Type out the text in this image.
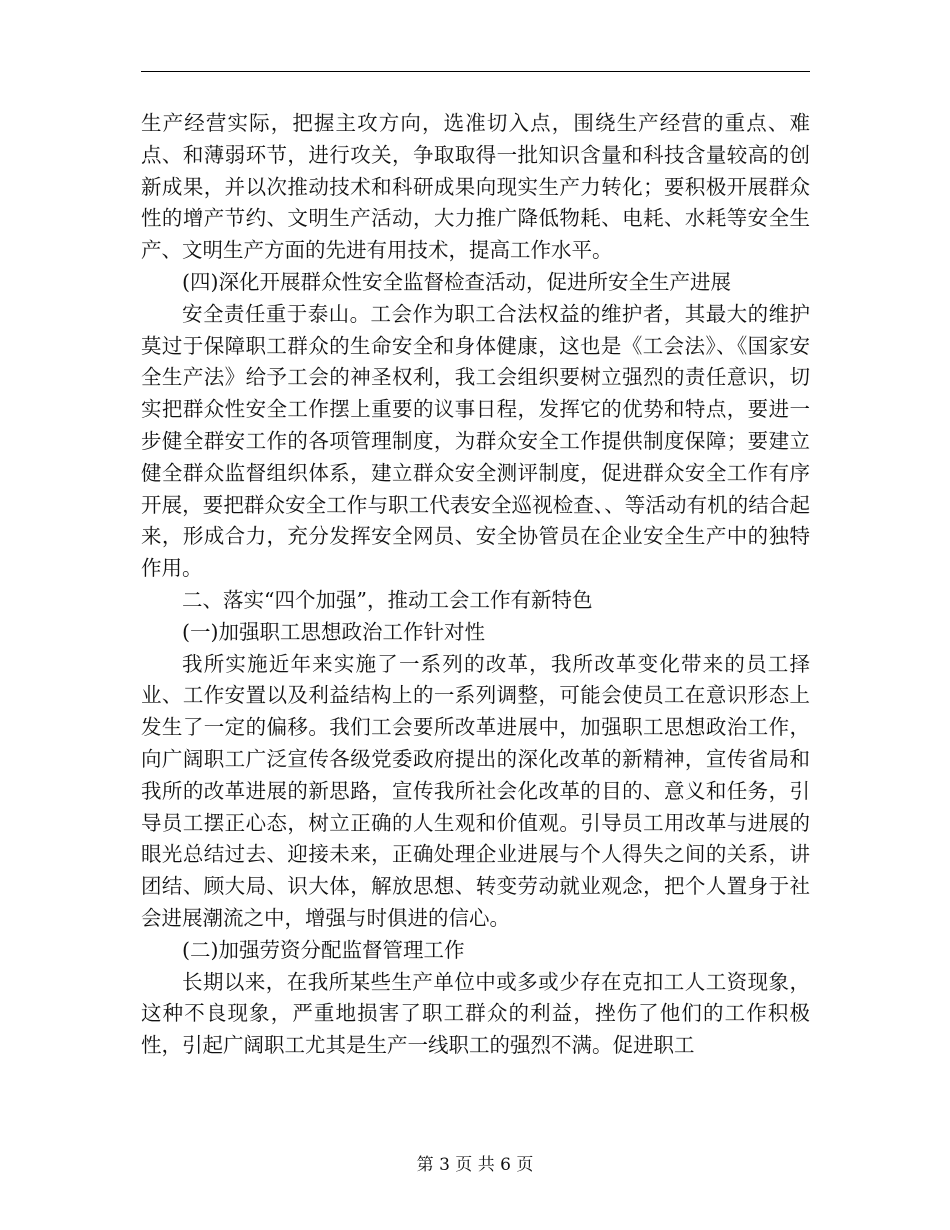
生产经营实际，把握主攻方向，选准切入点，围绕生产经营的重点、难点、和薄弱环节，进行攻关，争取取得一批知识含量和科技含量较高的创新成果，并以次推动技术和科研成果向现实生产力转化；要积极开展群众性的增产节约、文明生产活动，大力推广降低物耗、电耗、水耗等安全生产、文明生产方面的先进有用技术，提高工作水平。

(四)深化开展群众性安全监督检查活动，促进所安全生产进展

安全责任重于泰山。工会作为职工合法权益的维护者，其最大的维护莫过于保障职工群众的生命安全和身体健康，这也是《工会法》、《国家安全生产法》给予工会的神圣权利，我工会组织要树立强烈的责任意识，切实把群众性安全工作摆上重要的议事日程，发挥它的优势和特点，要进一步健全群安工作的各项管理制度，为群众安全工作提供制度保障；要建立健全群众监督组织体系，建立群众安全测评制度，促进群众安全工作有序开展，要把群众安全工作与职工代表安全巡视检查、、等活动有机的结合起来，形成合力，充分发挥安全网员、安全协管员在企业安全生产中的独特作用。

二、落实“四个加强”，推动工会工作有新特色

(一)加强职工思想政治工作针对性

我所实施近年来实施了一系列的改革，我所改革变化带来的员工择业、工作安置以及利益结构上的一系列调整，可能会使员工在意识形态上发生了一定的偏移。我们工会要所改革进展中，加强职工思想政治工作，向广阔职工广泛宣传各级党委政府提出的深化改革的新精神，宣传省局和我所的改革进展的新思路，宣传我所社会化改革的目的、意义和任务，引导员工摆正心态，树立正确的人生观和价值观。引导员工用改革与进展的眼光总结过去、迎接未来，正确处理企业进展与个人得失之间的关系，讲团结、顾大局、识大体，解放思想、转变劳动就业观念，把个人置身于社会进展潮流之中，增强与时俱进的信心。

(二)加强劳资分配监督管理工作

长期以来，在我所某些生产单位中或多或少存在克扣工人工资现象，这种不良现象，严重地损害了职工群众的利益，挫伤了他们的工作积极性，引起广阔职工尤其是生产一线职工的强烈不满。促进职工

第 3 页 共 6 页
